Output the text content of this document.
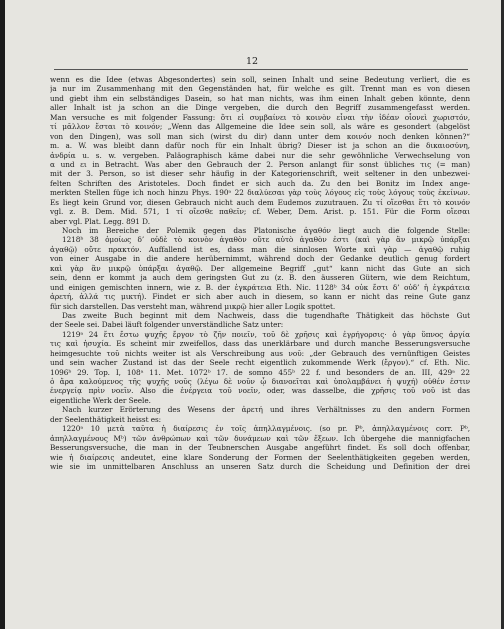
12

wenn es die Idee (etwas Abgesondertes) sein soll, seinen Inhalt und seine Bedeutung verliert, die es

ja nur im Zusammenhang mit den Gegenständen hat, für welche es gilt. Trennt man es von diesen

und giebt ihm ein selbständiges Dasein, so hat man nichts, was ihm einen Inhalt geben könnte, denn

aller Inhalt ist ja schon an die Dinge vergeben, die durch den Begriff zusammengefasst werden.

Man versuche es mit folgender Fassung: ὅτι εἰ συμβαίνει τὸ κοινὸν εἶναι τὴν ἰδέαν οἷονεὶ χωριστόν,

τί μᾶλλον ἔσται τὸ κοινόν; „Wenn das Allgemeine die Idee sein soll, als wäre es gesondert (abgelöst

von den Dingen), was soll man sich (wirst du dir) dann unter dem κοινόν noch denken können?“

m. a. W. was bleibt dann dafür noch für ein Inhalt übrig? Dieser ist ja schon an die δικαιοσύνη,

ἀνδρία u. s. w. vergeben. Paläographisch käme dabei nur die sehr gewöhnliche Verwechselung von

α und ει in Betracht. Was aber den Gebrauch der 2. Person anlangt für sonst übliches τις (= man)

mit der 3. Person, so ist dieser sehr häufig in der Kategorienschrift, weit seltener in den unbezwei-

felten Schriften des Aristoteles. Doch findet er sich auch da. Zu den bei Bonitz im Index ange-

merkten Stellen füge ich noch hinzu Phys. 190ᵃ 22 διαλύεσαι γὰρ τοὺς λόγους εἰς τοὺς λόγους τοὺς ἐκείνων.

Es liegt kein Grund vor, diesen Gebrauch nicht auch dem Eudemos zuzutrauen. Zu τί οἴεσθαι ἔτι τὸ κοινόν

vgl. z. B. Dem. Mid. 571, 1 τί οἴεσθε παθεῖν; cf. Weber, Dem. Arist. p. 151. Für die Form οἴεσαι

aber vgl. Plat. Legg. 891 D.

Noch im Bereiche der Polemik gegen das Platonische ἀγαθόν liegt auch die folgende Stelle:

1218ᵇ 38 ὁμοίως δ’ οὐδὲ τὸ κοινὸν ἀγαθὸν οὔτε αὐτὸ ἀγαθὸν ἐστι (καὶ γὰρ ἂν μικρῷ ὑπάρξαι

ἀγαθῷ) οὔτε πρακτόν. Auffallend ist es, dass man die sinnlosen Worte καὶ γὰρ — ἀγαθῷ ruhig

von einer Ausgabe in die andere herübernimmt, während doch der Gedanke deutlich genug fordert

καὶ γὰρ ἂν μικρῷ ὑπάρξαι ἀγαθῷ. Der allgemeine Begriff „gut“ kann nicht das Gute an sich

sein, denn er kommt ja auch dem geringsten Gut zu (z. B. den äusseren Gütern, wie dem Reichtum,

und einigen gemischten innern, wie z. B. der ἐγκράτεια Eth. Nic. 1128ᵇ 34 οὐκ ἔστι δ’ οὐδ’ ἡ ἐγκράτεια

ἀρετή, ἀλλά τις μικτή). Findet er sich aber auch in diesem, so kann er nicht das reine Gute ganz

für sich darstellen. Das versteht man, während μικρῷ hier aller Logik spottet.

Das zweite Buch beginnt mit dem Nachweis, dass die tugendhafte Thätigkeit das höchste Gut

der Seele sei. Dabei läuft folgender unverständliche Satz unter:

1219ᵃ 24 ἔτι ἔστω ψυχῆς ἔργον τὸ ζῆν ποιεῖν, τοῦ δὲ χρῆσις καὶ ἐγρήγορσις· ὁ γὰρ ὕπνος ἀργία

τις καὶ ἡσυχία. Es scheint mir zweifellos, dass das unerklärbare und durch manche Besserungsversuche

heimgesuchte τοῦ nichts weiter ist als Verschreibung aus νοῦ: „der Gebrauch des vernünftigen Geistes

und sein wacher Zustand ist das der Seele recht eigentlich zukommende Werk (ἔργον).“ cf. Eth. Nic.

1096ᵇ 29. Top. I, 108ᵃ 11. Met. 1072ᵇ 17. de somno 455ᵇ 22 f. und besonders de an. III, 429ᵃ 22

ὁ ἄρα καλούμενος τῆς ψυχῆς νοῦς (λέγω δὲ νοῦν ᾧ διανοεῖται καὶ ὑπολαμβάνει ἡ ψυχή) οὐθέν ἐστιν

ἐνεργείᾳ πρὶν νοεῖν. Also die ἐνέργεια τοῦ νοεῖν, oder, was dasselbe, die χρῆσις τοῦ νοῦ ist das

eigentliche Werk der Seele.

Nach kurzer Erörterung des Wesens der ἀρετή und ihres Verhältnisses zu den andern Formen

der Seelenthätigkeit heisst es:

1220ᵃ 10 μετὰ ταῦτα ἡ διαίρεσις ἐν τοῖς ἀπηλλαγμένοις. (so pr. Pᵇ, ἀπηλλαγμένοις corr. Pᵇ,

ἀπηλλαγμένους Mᵇ) τῶν ἀνθρώπων καὶ τῶν δυνάμεων καὶ τῶν ἕξεων. Ich übergehe die mannigfachen

Besserungsversuche, die man in der Teubnerschen Ausgabe angeführt findet. Es soll doch offenbar,

wie ἡ διαίρεσις andeutet, eine klare Sonderung der Formen der Seelenthätigkeiten gegeben werden,

wie sie im unmittelbaren Anschluss an unseren Satz durch die Scheidung und Definition der drei
